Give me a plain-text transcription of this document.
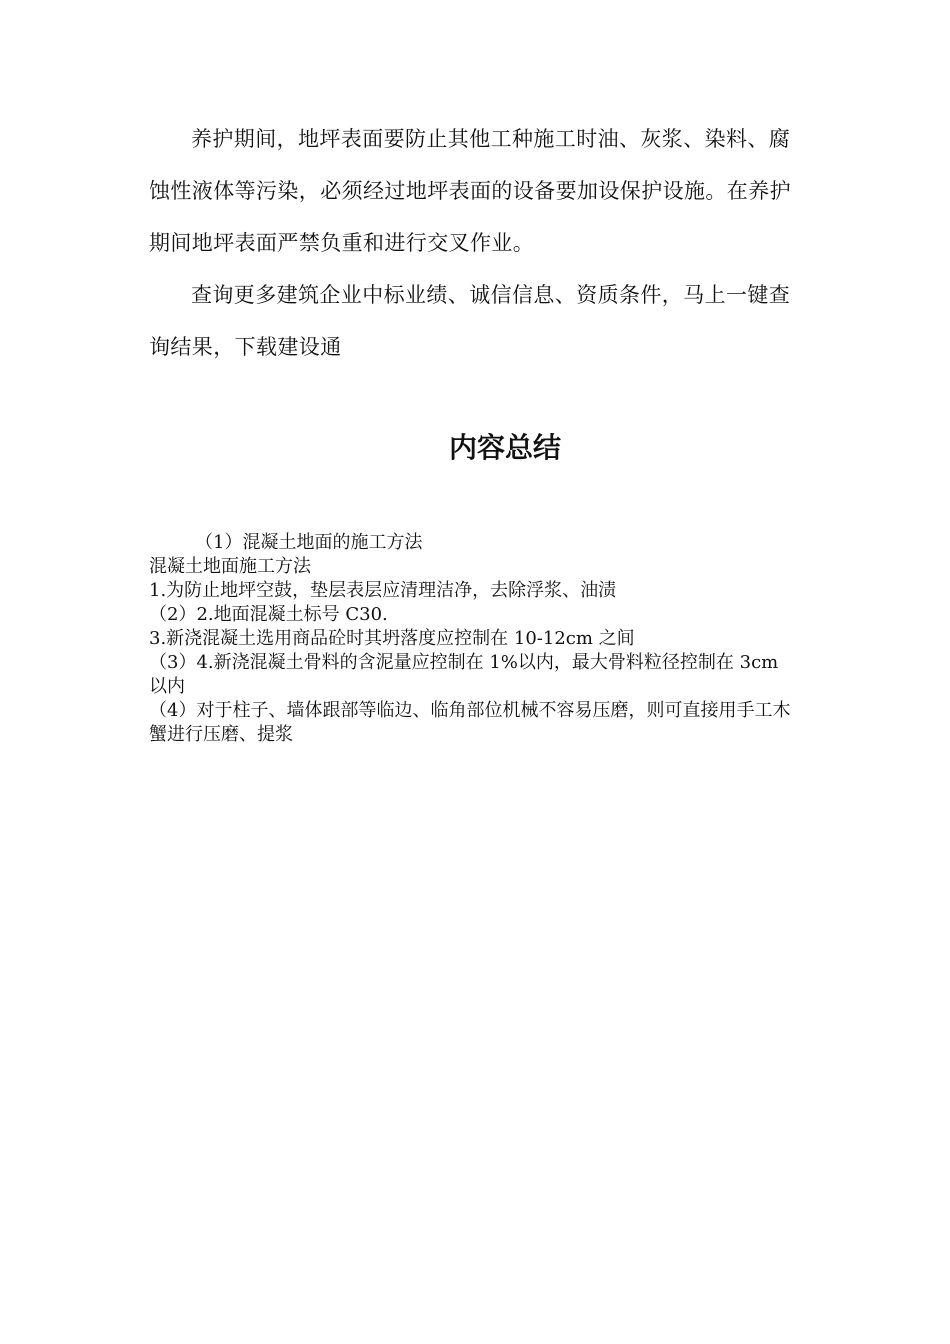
养护期间，地坪表面要防止其他工种施工时油、灰浆、染料、腐蚀性液体等污染，必须经过地坪表面的设备要加设保护设施。在养护期间地坪表面严禁负重和进行交叉作业。

查询更多建筑企业中标业绩、诚信信息、资质条件，马上一键查询结果，下载建设通

内容总结
（1）混凝土地面的施工方法
混凝土地面施工方法
1.为防止地坪空鼓，垫层表层应清理洁净，去除浮浆、油渍
（2）2.地面混凝土标号 C30.
3.新浇混凝土选用商品砼时其坍落度应控制在 10-12cm 之间
（3）4.新浇混凝土骨料的含泥量应控制在 1%以内，最大骨料粒径控制在 3cm 以内
（4）对于柱子、墙体跟部等临边、临角部位机械不容易压磨，则可直接用手工木蟹进行压磨、提浆
